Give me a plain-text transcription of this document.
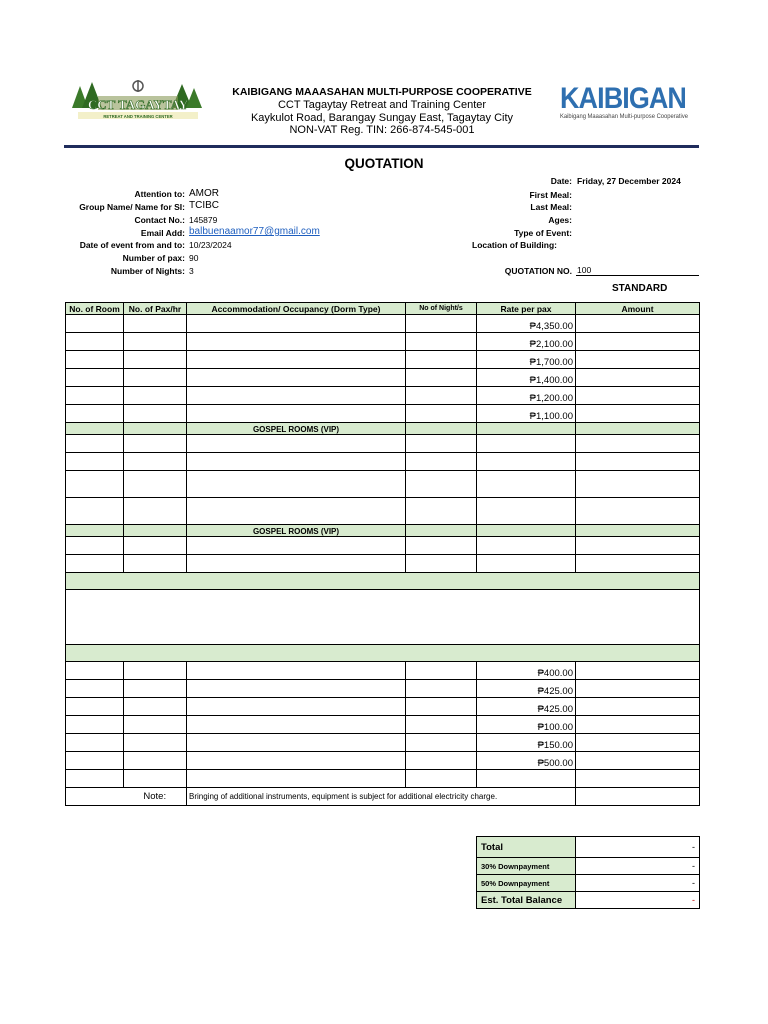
CCT TAGAYTAY
RETREAT AND TRAINING CENTER
KAIBIGANG MAAASAHAN MULTI-PURPOSE COOPERATIVE
CCT Tagaytay Retreat and Training Center
Kaykulot Road, Barangay Sungay East, Tagaytay City
NON-VAT Reg. TIN: 266-874-545-001
KAIBIGAN
Kaibigang Maaasahan Multi-purpose Cooperative
QUOTATION
Attention to: AMOR
Group Name/ Name for SI: TCIBC
Contact No.: 145879
Email Add: balbuenaamor77@gmail.com
Date of event from and to: 10/23/2024
Number of pax: 90
Number of Nights: 3
Date: Friday, 27 December 2024
First Meal:
Last Meal:
Ages:
Type of Event:
Location of Building:
QUOTATION NO. 100
STANDARD
No. of Room	No. of Pax/hr	Accommodation/ Occupancy (Dorm Type)	No of Night/s	Rate per pax	Amount
				₱4,350.00	
				₱2,100.00	
				₱1,700.00	
				₱1,400.00	
				₱1,200.00	
				₱1,100.00	
		GOSPEL ROOMS (VIP)			

		GOSPEL ROOMS (VIP)			

				₱400.00	
				₱425.00	
				₱425.00	
				₱100.00	
				₱150.00	
				₱500.00	

	Note:	Bringing of additional instruments, equipment is subject for additional electricity charge.			
Total	-
30% Downpayment	-
50% Downpayment	-
Est. Total Balance	-
